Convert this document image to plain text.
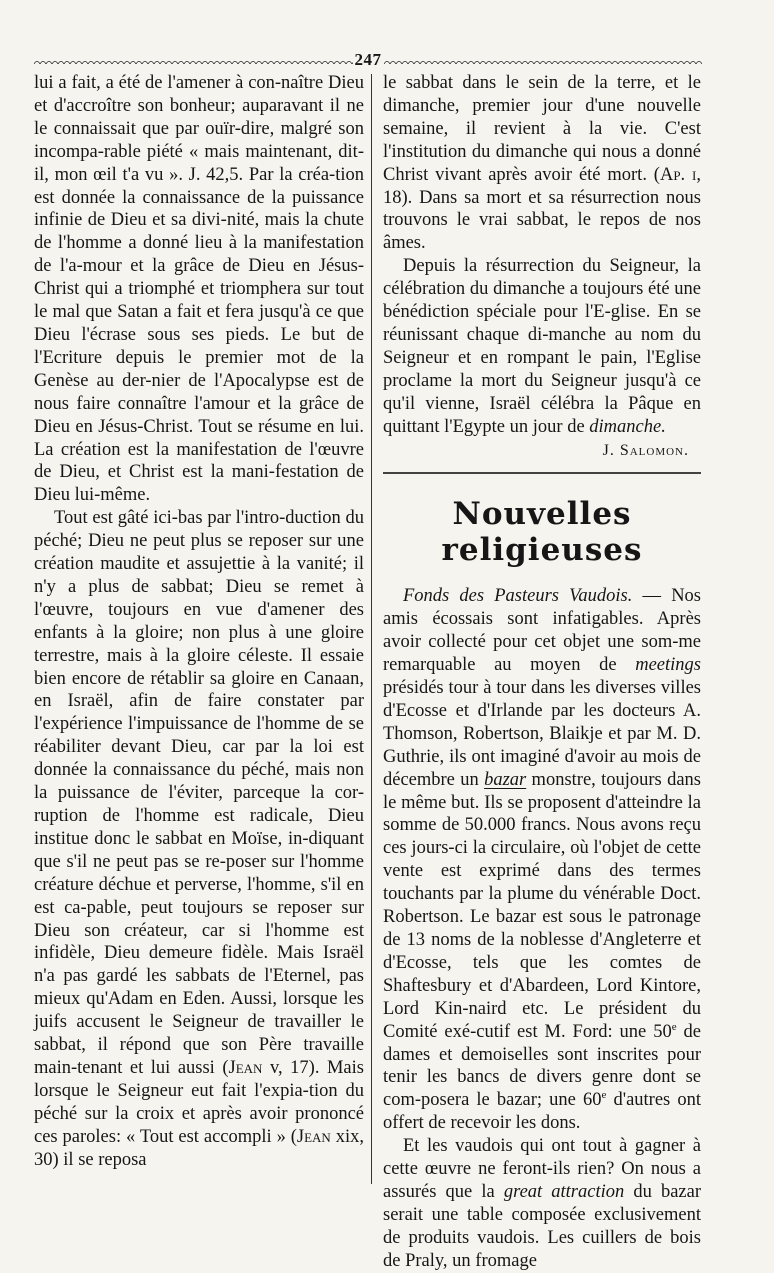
247

lui a fait, a été de l'amener à con-naître Dieu et d'accroître son bonheur; auparavant il ne le connaissait que par ouïr-dire, malgré son incompa-rable piété « mais maintenant, dit-il, mon œil t'a vu ». J. 42,5. Par la créa-tion est donnée la connaissance de la puissance infinie de Dieu et sa divi-nité, mais la chute de l'homme a donné lieu à la manifestation de l'a-mour et la grâce de Dieu en Jésus-Christ qui a triomphé et triomphera sur tout le mal que Satan a fait et fera jusqu'à ce que Dieu l'écrase sous ses pieds. Le but de l'Ecriture depuis le premier mot de la Genèse au der-nier de l'Apocalypse est de nous faire connaître l'amour et la grâce de Dieu en Jésus-Christ. Tout se résume en lui. La création est la manifestation de l'œuvre de Dieu, et Christ est la mani-festation de Dieu lui-même.

Tout est gâté ici-bas par l'intro-duction du péché; Dieu ne peut plus se reposer sur une création maudite et assujettie à la vanité; il n'y a plus de sabbat; Dieu se remet à l'œuvre, toujours en vue d'amener des enfants à la gloire; non plus à une gloire terrestre, mais à la gloire céleste. Il essaie bien encore de rétablir sa gloire en Canaan, en Israël, afin de faire constater par l'expérience l'impuissance de l'homme de se réabiliter devant Dieu, car par la loi est donnée la connaissance du péché, mais non la puissance de l'éviter, parceque la cor-ruption de l'homme est radicale, Dieu institue donc le sabbat en Moïse, in-diquant que s'il ne peut pas se re-poser sur l'homme créature déchue et perverse, l'homme, s'il en est ca-pable, peut toujours se reposer sur Dieu son créateur, car si l'homme est infidèle, Dieu demeure fidèle. Mais Israël n'a pas gardé les sabbats de l'Eternel, pas mieux qu'Adam en Eden. Aussi, lorsque les juifs accusent le Seigneur de travailler le sabbat, il répond que son Père travaille main-tenant et lui aussi (Jean v, 17). Mais lorsque le Seigneur eut fait l'expia-tion du péché sur la croix et après avoir prononcé ces paroles: « Tout est accompli » (Jean xix, 30) il se reposa

le sabbat dans le sein de la terre, et le dimanche, premier jour d'une nouvelle semaine, il revient à la vie. C'est l'institution du dimanche qui nous a donné Christ vivant après avoir été mort. (Ap. i, 18). Dans sa mort et sa résurrection nous trouvons le vrai sabbat, le repos de nos âmes.

Depuis la résurrection du Seigneur, la célébration du dimanche a toujours été une bénédiction spéciale pour l'E-glise. En se réunissant chaque di-manche au nom du Seigneur et en rompant le pain, l'Eglise proclame la mort du Seigneur jusqu'à ce qu'il vienne, Israël célébra la Pâque en quittant l'Egypte un jour de dimanche.

J. Salomon.

Nouvelles religieuses

Fonds des Pasteurs Vaudois. — Nos amis écossais sont infatigables. Après avoir collecté pour cet objet une som-me remarquable au moyen de meetings présidés tour à tour dans les diverses villes d'Ecosse et d'Irlande par les docteurs A. Thomson, Robertson, Blaikje et par M. D. Guthrie, ils ont imaginé d'avoir au mois de décembre un bazar monstre, toujours dans le même but. Ils se proposent d'atteindre la somme de 50.000 francs. Nous avons reçu ces jours-ci la circulaire, où l'objet de cette vente est exprimé dans des termes touchants par la plume du vénérable Doct. Robertson. Le bazar est sous le patronage de 13 noms de la noblesse d'Angleterre et d'Ecosse, tels que les comtes de Shaftesbury et d'Abardeen, Lord Kintore, Lord Kin-naird etc. Le président du Comité exé-cutif est M. Ford: une 50e de dames et demoiselles sont inscrites pour tenir les bancs de divers genre dont se com-posera le bazar; une 60e d'autres ont offert de recevoir les dons.

Et les vaudois qui ont tout à gagner à cette œuvre ne feront-ils rien? On nous a assurés que la great attraction du bazar serait une table composée exclusivement de produits vaudois. Les cuillers de bois de Praly, un fromage
